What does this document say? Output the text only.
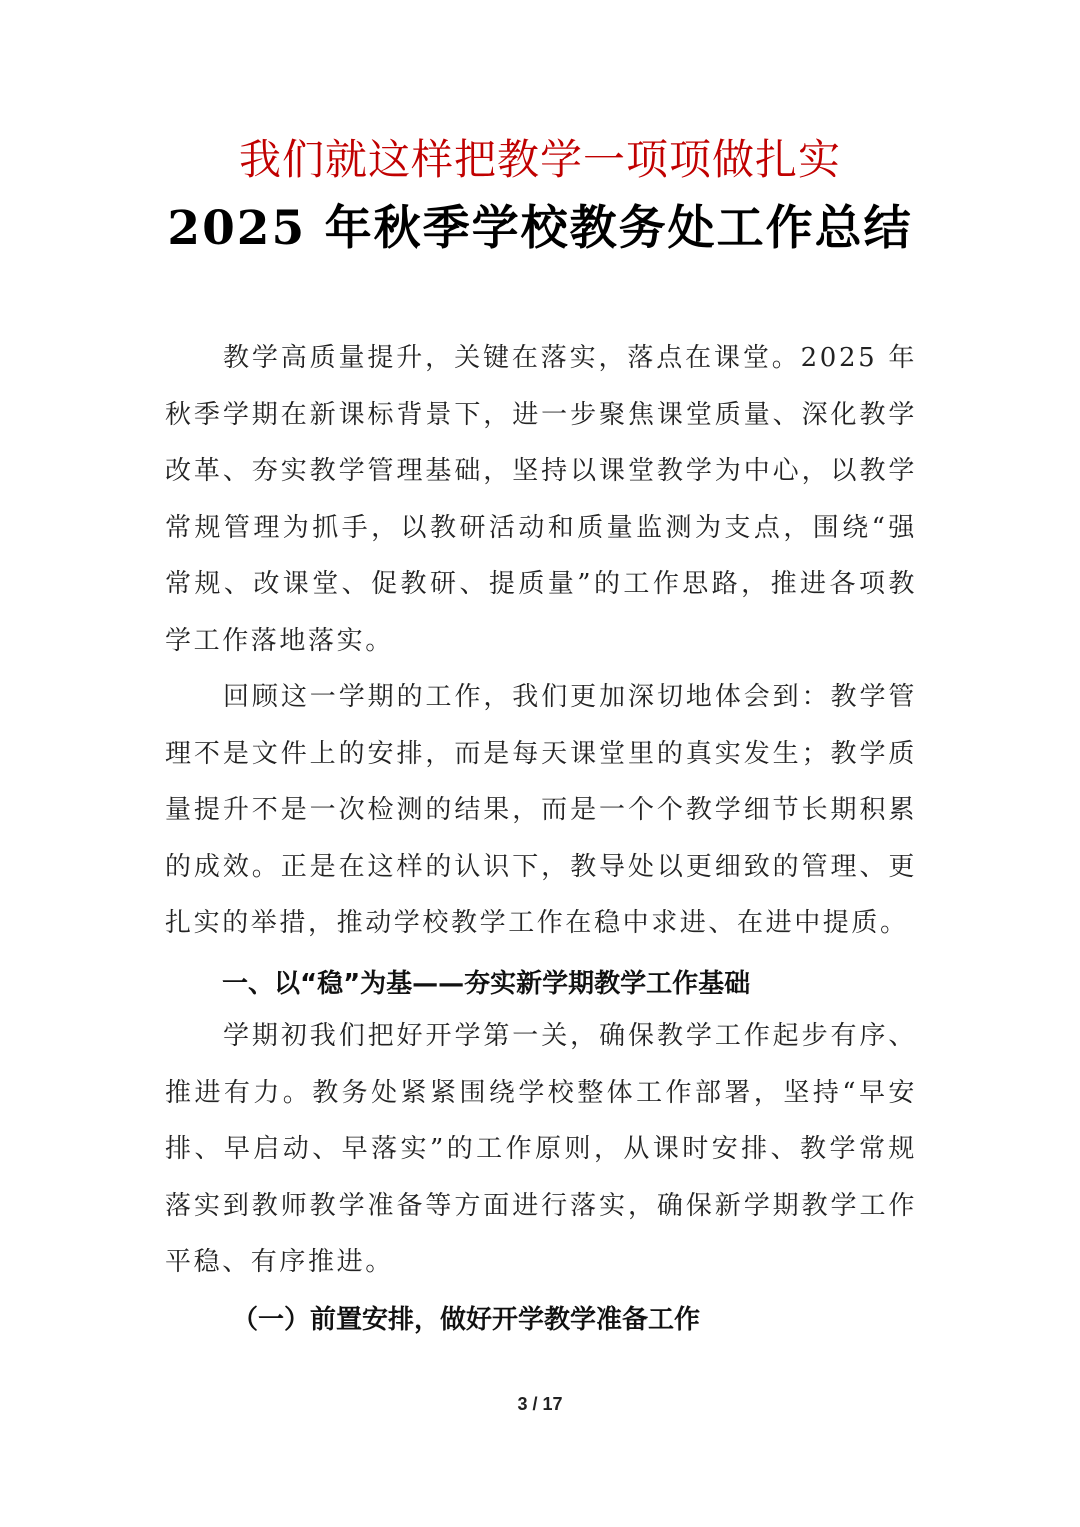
我们就这样把教学一项项做扎实
2025 年秋季学校教务处工作总结

教学高质量提升，关键在落实，落点在课堂。2025 年秋季学期在新课标背景下，进一步聚焦课堂质量、深化教学改革、夯实教学管理基础，坚持以课堂教学为中心，以教学常规管理为抓手，以教研活动和质量监测为支点，围绕“强常规、改课堂、促教研、提质量”的工作思路，推进各项教学工作落地落实。

回顾这一学期的工作，我们更加深切地体会到：教学管理不是文件上的安排，而是每天课堂里的真实发生；教学质量提升不是一次检测的结果，而是一个个教学细节长期积累的成效。正是在这样的认识下，教导处以更细致的管理、更扎实的举措，推动学校教学工作在稳中求进、在进中提质。

一、以“稳”为基——夯实新学期教学工作基础

学期初我们把好开学第一关，确保教学工作起步有序、推进有力。教务处紧紧围绕学校整体工作部署，坚持“早安排、早启动、早落实”的工作原则，从课时安排、教学常规落实到教师教学准备等方面进行落实，确保新学期教学工作平稳、有序推进。

（一）前置安排，做好开学教学准备工作
3 / 17
